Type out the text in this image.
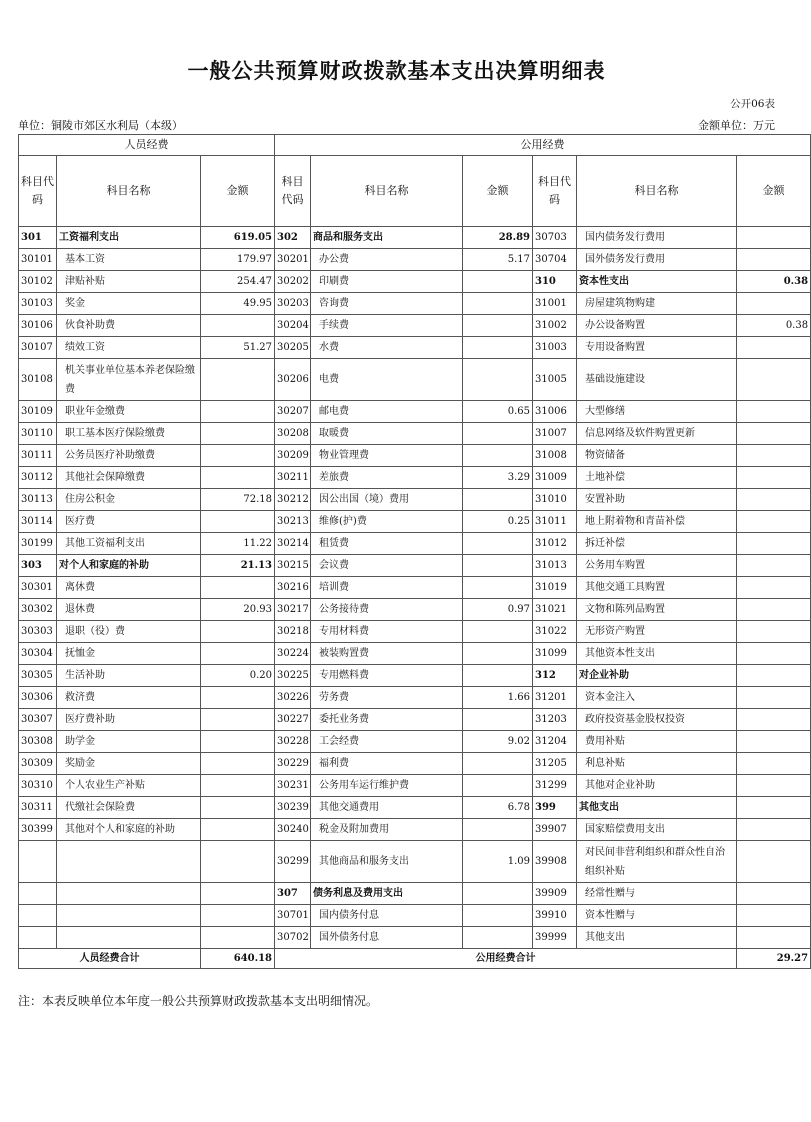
一般公共预算财政拨款基本支出决算明细表
公开06表
单位：铜陵市郊区水利局（本级）	金额单位：万元
人员经费			公用经费					
科目代码	科目名称	金额	科目代码	科目名称	金额	科目代码	科目名称	金额
301	工资福利支出	619.05	302	商品和服务支出	28.89	30703	国内债务发行费用	
30101	基本工资	179.97	30201	办公费	5.17	30704	国外债务发行费用	
30102	津贴补贴	254.47	30202	印刷费		310	资本性支出	0.38
30103	奖金	49.95	30203	咨询费		31001	房屋建筑物购建	
30106	伙食补助费		30204	手续费		31002	办公设备购置	0.38
30107	绩效工资	51.27	30205	水费		31003	专用设备购置	
30108	机关事业单位基本养老保险缴费		30206	电费		31005	基础设施建设	
30109	职业年金缴费		30207	邮电费	0.65	31006	大型修缮	
30110	职工基本医疗保险缴费		30208	取暖费		31007	信息网络及软件购置更新	
30111	公务员医疗补助缴费		30209	物业管理费		31008	物资储备	
30112	其他社会保障缴费		30211	差旅费	3.29	31009	土地补偿	
30113	住房公积金	72.18	30212	因公出国（境）费用		31010	安置补助	
30114	医疗费		30213	维修(护)费	0.25	31011	地上附着物和青苗补偿	
30199	其他工资福利支出	11.22	30214	租赁费		31012	拆迁补偿	
303	对个人和家庭的补助	21.13	30215	会议费		31013	公务用车购置	
30301	离休费		30216	培训费		31019	其他交通工具购置	
30302	退休费	20.93	30217	公务接待费	0.97	31021	文物和陈列品购置	
30303	退职（役）费		30218	专用材料费		31022	无形资产购置	
30304	抚恤金		30224	被装购置费		31099	其他资本性支出	
30305	生活补助	0.20	30225	专用燃料费		312	对企业补助	
30306	救济费		30226	劳务费	1.66	31201	资本金注入	
30307	医疗费补助		30227	委托业务费		31203	政府投资基金股权投资	
30308	助学金		30228	工会经费	9.02	31204	费用补贴	
30309	奖励金		30229	福利费		31205	利息补贴	
30310	个人农业生产补贴		30231	公务用车运行维护费		31299	其他对企业补助	
30311	代缴社会保险费		30239	其他交通费用	6.78	399	其他支出	
30399	其他对个人和家庭的补助		30240	税金及附加费用		39907	国家赔偿费用支出	
			30299	其他商品和服务支出	1.09	39908	对民间非营利组织和群众性自治组织补贴	
			307	债务利息及费用支出		39909	经常性赠与	
			30701	国内债务付息		39910	资本性赠与	
			30702	国外债务付息		39999	其他支出	
人员经费合计		640.18	公用经费合计					29.27
注：本表反映单位本年度一般公共预算财政拨款基本支出明细情况。
